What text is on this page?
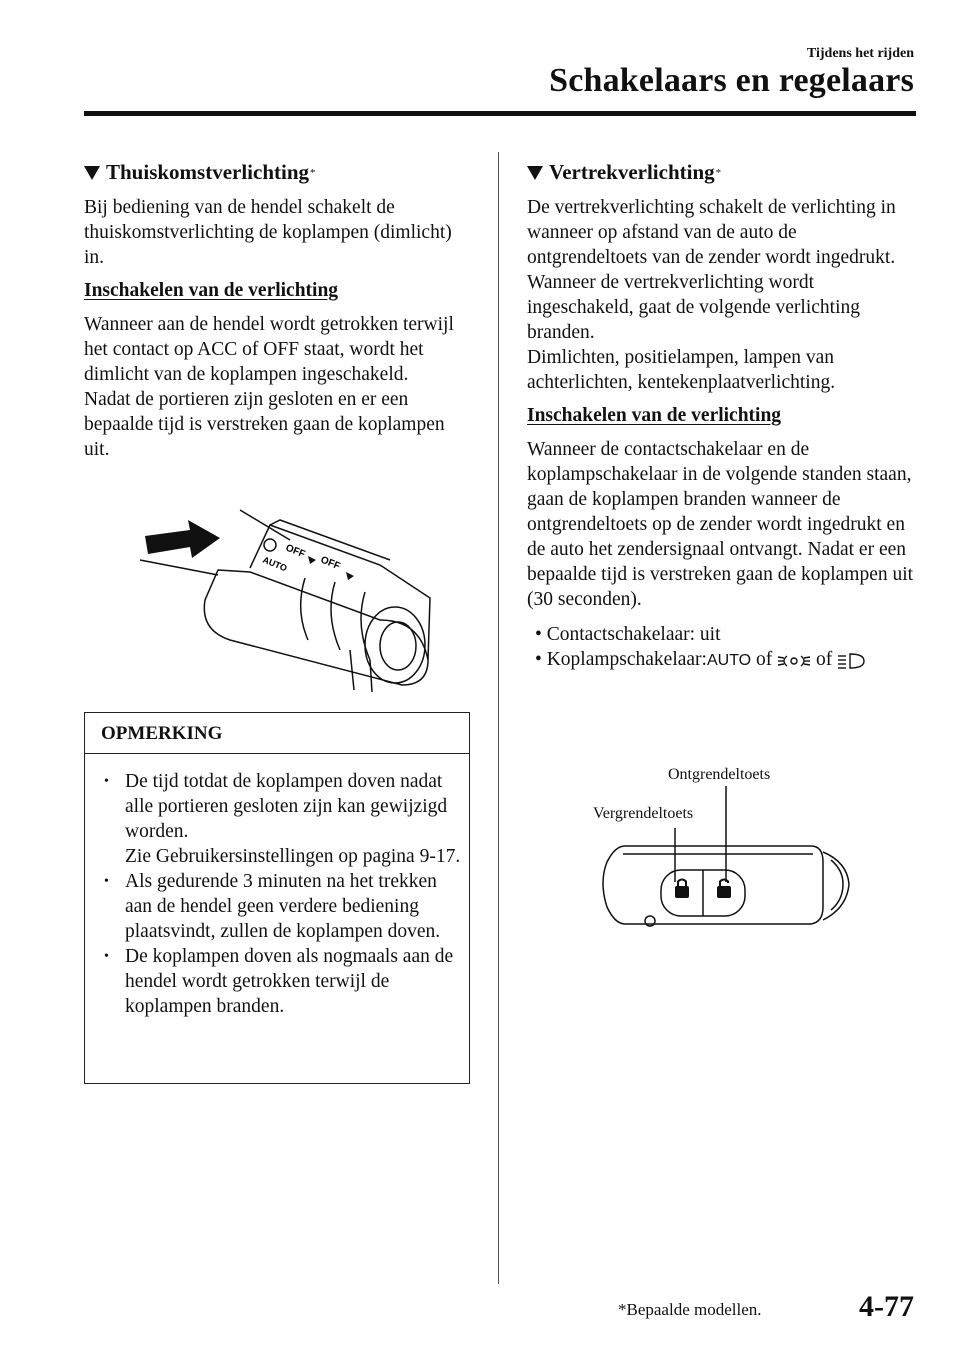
Tijdens het rijden
Schakelaars en regelaars
Thuiskomstverlichting *

Bij bediening van de hendel schakelt de thuiskomstverlichting de koplampen (dimlicht) in.

Inschakelen van de verlichting

Wanneer aan de hendel wordt getrokken terwijl het contact op ACC of OFF staat, wordt het dimlicht van de koplampen ingeschakeld.

Nadat de portieren zijn gesloten en er een bepaalde tijd is verstreken gaan de koplampen uit.

OFF
OFF
AUTO
OPMERKING
• De tijd totdat de koplampen doven nadat alle portieren gesloten zijn kan gewijzigd worden.
Zie Gebruikersinstellingen op pagina 9-17.
• Als gedurende 3 minuten na het trekken aan de hendel geen verdere bediening plaatsvindt, zullen de koplampen doven.
• De koplampen doven als nogmaals aan de hendel wordt getrokken terwijl de koplampen branden.
Vertrekverlichting *

De vertrekverlichting schakelt de verlichting in wanneer op afstand van de auto de ontgrendeltoets van de zender wordt ingedrukt.

Wanneer de vertrekverlichting wordt ingeschakeld, gaat de volgende verlichting branden.

Dimlichten, positielampen, lampen van achterlichten, kentekenplaatverlichting.

Inschakelen van de verlichting

Wanneer de contactschakelaar en de koplampschakelaar in de volgende standen staan, gaan de koplampen branden wanneer de ontgrendeltoets op de zender wordt ingedrukt en de auto het zendersignaal ontvangt. Nadat er een bepaalde tijd is verstreken gaan de koplampen uit (30 seconden).

• Contactschakelaar: uit
• Koplampschakelaar:AUTO of  of
Ontgrendeltoets
Vergrendeltoets
*Bepaalde modellen.	4-77
